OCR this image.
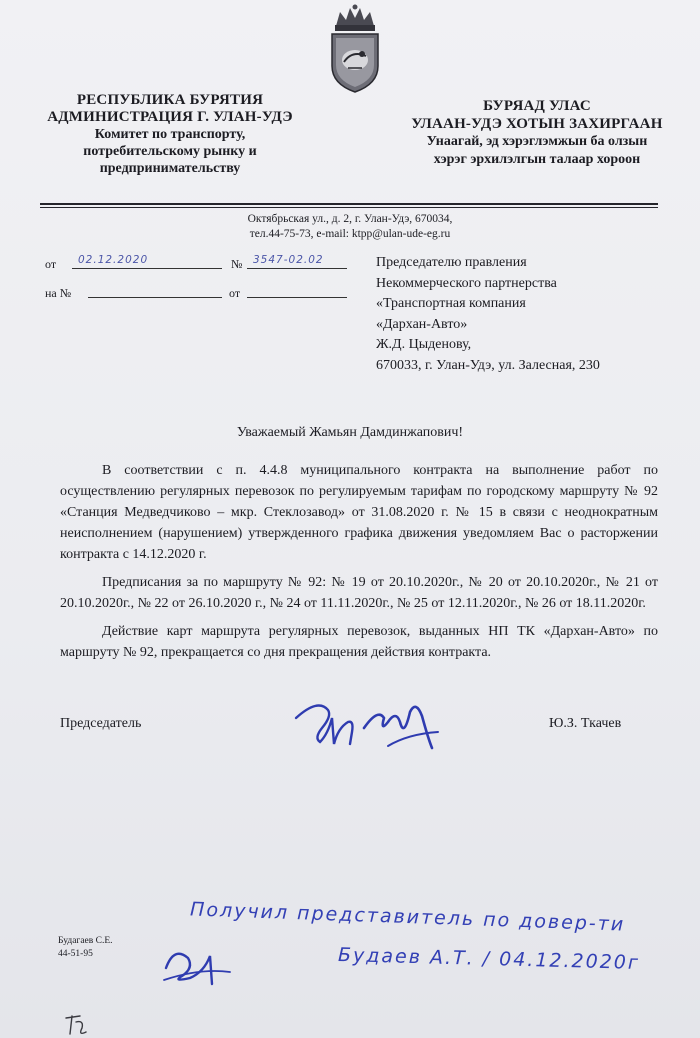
РЕСПУБЛИКА БУРЯТИЯ
АДМИНИСТРАЦИЯ Г. УЛАН-УДЭ
Комитет по транспорту,
потребительскому рынку и
предпринимательству
БУРЯАД УЛАС
УЛААН-УДЭ ХОТЫН ЗАХИРГААН
Унаагай, эд хэрэглэмжын ба олзын
хэрэг эрхилэлгын талаар хороон
Октябрьская ул., д. 2, г. Улан-Удэ, 670034,
тел.44-75-73, e-mail: ktpp@ulan-ude-eg.ru
от 02.12.2020	№ 3547-02.02
на №	от
Председателю правления
Некоммерческого партнерства
«Транспортная компания
«Дархан-Авто»
Ж.Д. Цыденову,
670033, г. Улан-Удэ, ул. Залесная, 230
Уважаемый Жамьян Дамдинжапович!

В соответствии с п. 4.4.8 муниципального контракта на выполнение работ по осуществлению регулярных перевозок по регулируемым тарифам по городскому маршруту № 92 «Станция Медведчиково – мкр. Стеклозавод» от 31.08.2020 г. № 15 в связи с неоднократным неисполнением (нарушением) утвержденного графика движения уведомляем Вас о расторжении контракта с 14.12.2020 г.

Предписания за по маршруту № 92: № 19 от 20.10.2020г., № 20 от 20.10.2020г., № 21 от 20.10.2020г., № 22 от 26.10.2020 г., № 24 от 11.11.2020г., № 25 от 12.11.2020г., № 26 от 18.11.2020г.

Действие карт маршрута регулярных перевозок, выданных НП ТК «Дархан-Авто» по маршруту № 92, прекращается со дня прекращения действия контракта.

Председатель	Ю.З. Ткачев
Будагаев С.Е.
44-51-95
Получил представитель по довер-ти
Будаев А.Т. / 04.12.2020г
